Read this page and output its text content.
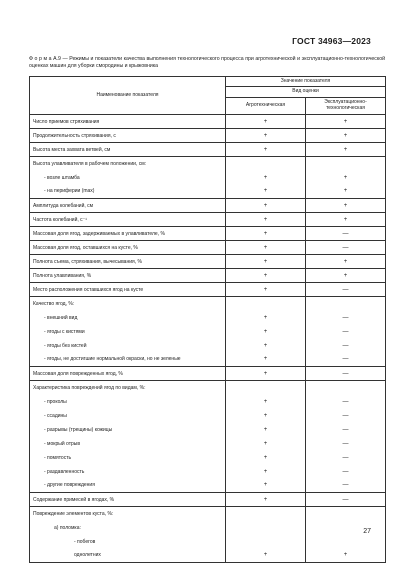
ГОСТ 34963—2023
Ф о р м а А.9 — Режимы и показатели качества выполнения технологического процесса при агротехнической и эксплуатационно-технологической оценках машин для уборки смородины и крыжовника
Наименование показателя	Значение показателя	
	Вид оценки	
	Агротехническая	Эксплуатационно-технологическая
Число приемов стряхивания	+	+
Продолжительность стряхивания, с	+	+
Высота места захвата ветвей, см	+	+
Высота улавливателя в рабочем положении, см:		
- возле штамба	+	+
- на периферии (max)	+	+
Амплитуда колебаний, см	+	+
Частота колебаний, с⁻¹	+	+
Массовая доля ягод, задерживаемых в улавливателе, %	+	—
Массовая доля ягод, оставшихся на кусте, %	+	—
Полнота съема, стряхивания, вычесывания, %	+	+
Полнота улавливания, %	+	+
Место расположения оставшихся ягод на кусте	+	—
Качество ягод, %:		
- внешний вид	+	—
- ягоды с кистями	+	—
- ягоды без кистей	+	—
- ягоды, не достигшие нормальной окраски, но не зеленые	+	—
Массовая доля поврежденных ягод, %	+	—
Характеристика повреждений ягод по видам, %:		
- проколы	+	—
- ссадины	+	—
- разрывы (трещины) кожицы	+	—
- мокрый отрыв	+	—
- помятость	+	—
- раздавленность	+	—
- другие повреждения	+	—
Содержание примесей в ягодах, %	+	—
Повреждение элементов куста, %:		
а) поломка:		
- побегов		
однолетних	+	+
27
